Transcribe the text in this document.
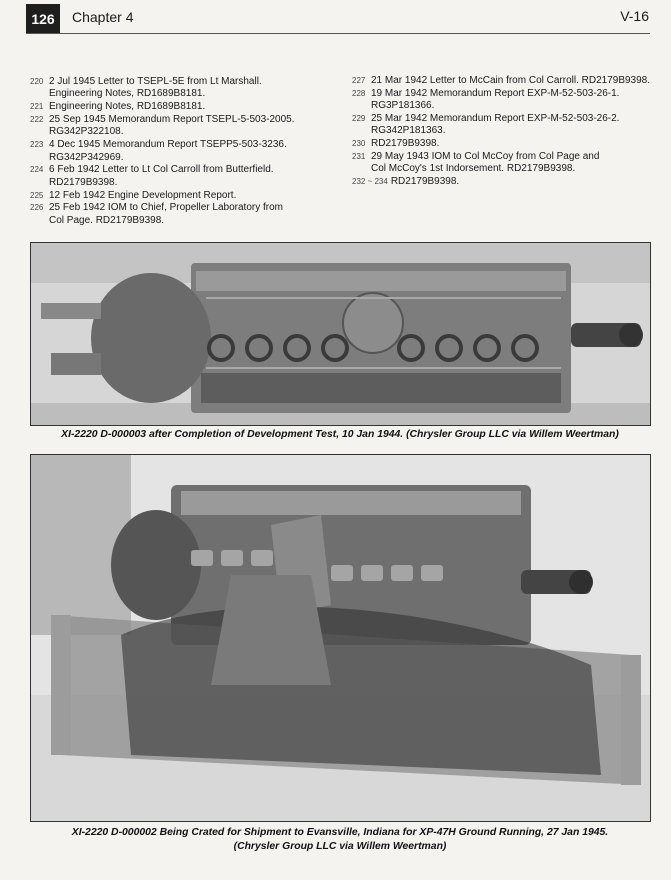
126	Chapter 4	V-16
220 2 Jul 1945 Letter to TSEPL-5E from Lt Marshall.
Engineering Notes, RD1689B8181.
221 Engineering Notes, RD1689B8181.
222 25 Sep 1945 Memorandum Report TSEPL-5-503-2005.
RG342P322108.
223 4 Dec 1945 Memorandum Report TSEPP5-503-3236.
RG342P342969.
224 6 Feb 1942 Letter to Lt Col Carroll from Butterfield.
RD2179B9398.
225 12 Feb 1942 Engine Development Report.
226 25 Feb 1942 IOM to Chief, Propeller Laboratory from
Col Page. RD2179B9398.
227 21 Mar 1942 Letter to McCain from Col Carroll. RD2179B9398.
228 19 Mar 1942 Memorandum Report EXP-M-52-503-26-1.
RG3P181366.
229 25 Mar 1942 Memorandum Report EXP-M-52-503-26-2.
RG342P181363.
230 RD2179B9398.
231 29 May 1943 IOM to Col McCoy from Col Page and
Col McCoy's 1st Indorsement. RD2179B9398.
232 ~ 234 RD2179B9398.
XI-2220 D-000003 after Completion of Development Test, 10 Jan 1944. (Chrysler Group LLC via Willem Weertman)
XI-2220 D-000002 Being Crated for Shipment to Evansville, Indiana for XP-47H Ground Running, 27 Jan 1945.
(Chrysler Group LLC via Willem Weertman)
